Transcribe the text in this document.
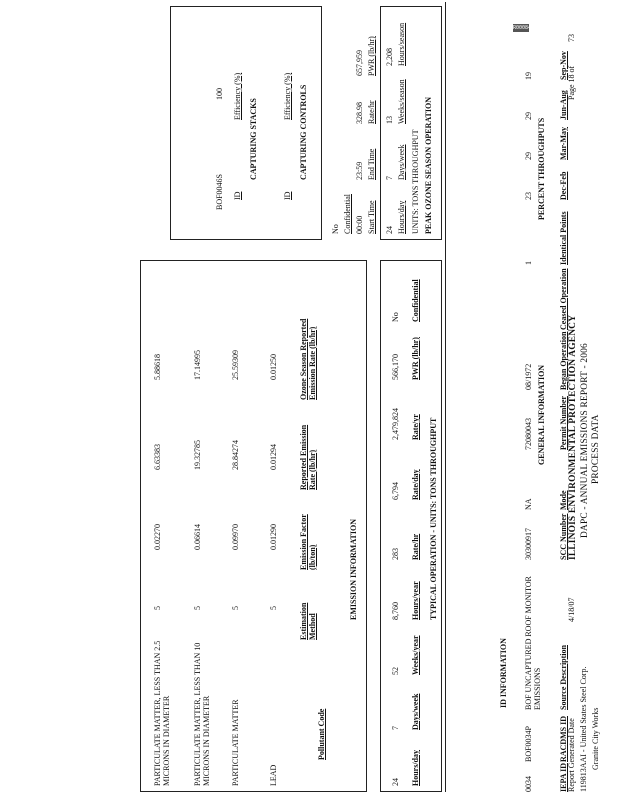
R00084
Report Generated Date
4/18/07
ILLINOIS ENVIRONMENTAL PROTECTION AGENCY DAPC - ANNUAL EMISSIONS REPORT - 2006 PROCESS DATA
119813AAI - United States Steel Corp. Granite City Works
Page 18 of
73
ID INFORMATION
GENERAL INFORMATION
PERCENT THROUGHPUTS
IEPA ID
RACDMS ID
Source Description
SCC Number
Mode
Permit Number
Began Operation
Ceased Operation
Identical Points
Dec-Feb
Mar-May
Jun-Aug
Sep-Nov
0034
BOF0034P
BOF UNCAPTURED ROOF MONITOR EMISSIONS
30300917
NA
72080043
08/1972
1
23
29
29
19
TYPICAL OPERATION - UNITS: TONS THROUGHPUT
Hours/day
Days/week
Weeks/year
Hours/year
Rate/hr
Rate/day
Rate/yr
PWR (lb/hr)
Confidential
24
7
52
8,760
283
6,794
2,479,824
566,170
No
PEAK OZONE SEASON OPERATION
UNITS: TONS THROUGHPUT
Hours/day
24
Days/week
7
Weeks/season
13
Hours/season
2,208
Start Time
00:00
End Time
23:59
Rate/hr
328.98
PWR (lb/hr)
657,959
Confidential
No
EMISSION INFORMATION
Pollutant Code
Estimation Method
Emission Factor (lb/ton)
Reported Emission Rate (lb/hr)
Ozone Season Reported Emission Rate (lb/hr)
LEAD
5
0.01290
0.01294
0.01250
PARTICULATE MATTER
5
0.09970
28.84274
25.59309
PARTICULATE MATTER, LESS THAN 10 MICRONS IN DIAMETER
5
0.06614
19.32785
17.14995
PARTICULATE MATTER, LESS THAN 2.5 MICRONS IN DIAMETER
5
0.02270
6.63383
5.88618
CAPTURING CONTROLS
ID
Efficiency (%)
CAPTURING STACKS
ID
Efficiency (%)
BOF0046S
100
